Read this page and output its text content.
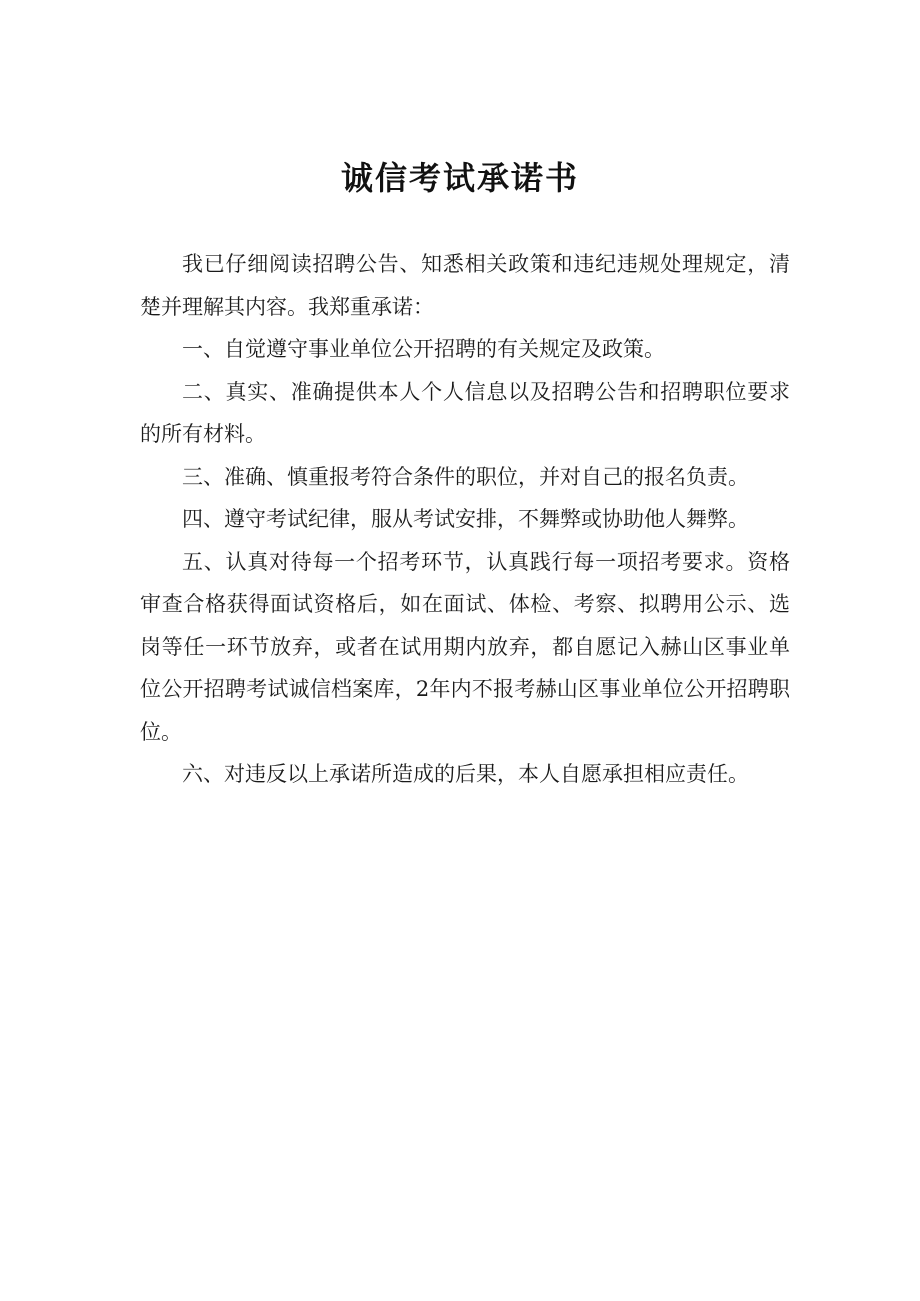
诚信考试承诺书

我已仔细阅读招聘公告、知悉相关政策和违纪违规处理规定，清楚并理解其内容。我郑重承诺：

一、自觉遵守事业单位公开招聘的有关规定及政策。

二、真实、准确提供本人个人信息以及招聘公告和招聘职位要求的所有材料。

三、准确、慎重报考符合条件的职位，并对自己的报名负责。

四、遵守考试纪律，服从考试安排，不舞弊或协助他人舞弊。

五、认真对待每一个招考环节，认真践行每一项招考要求。资格审查合格获得面试资格后，如在面试、体检、考察、拟聘用公示、选岗等任一环节放弃，或者在试用期内放弃，都自愿记入赫山区事业单位公开招聘考试诚信档案库，2年内不报考赫山区事业单位公开招聘职位。

六、对违反以上承诺所造成的后果，本人自愿承担相应责任。
